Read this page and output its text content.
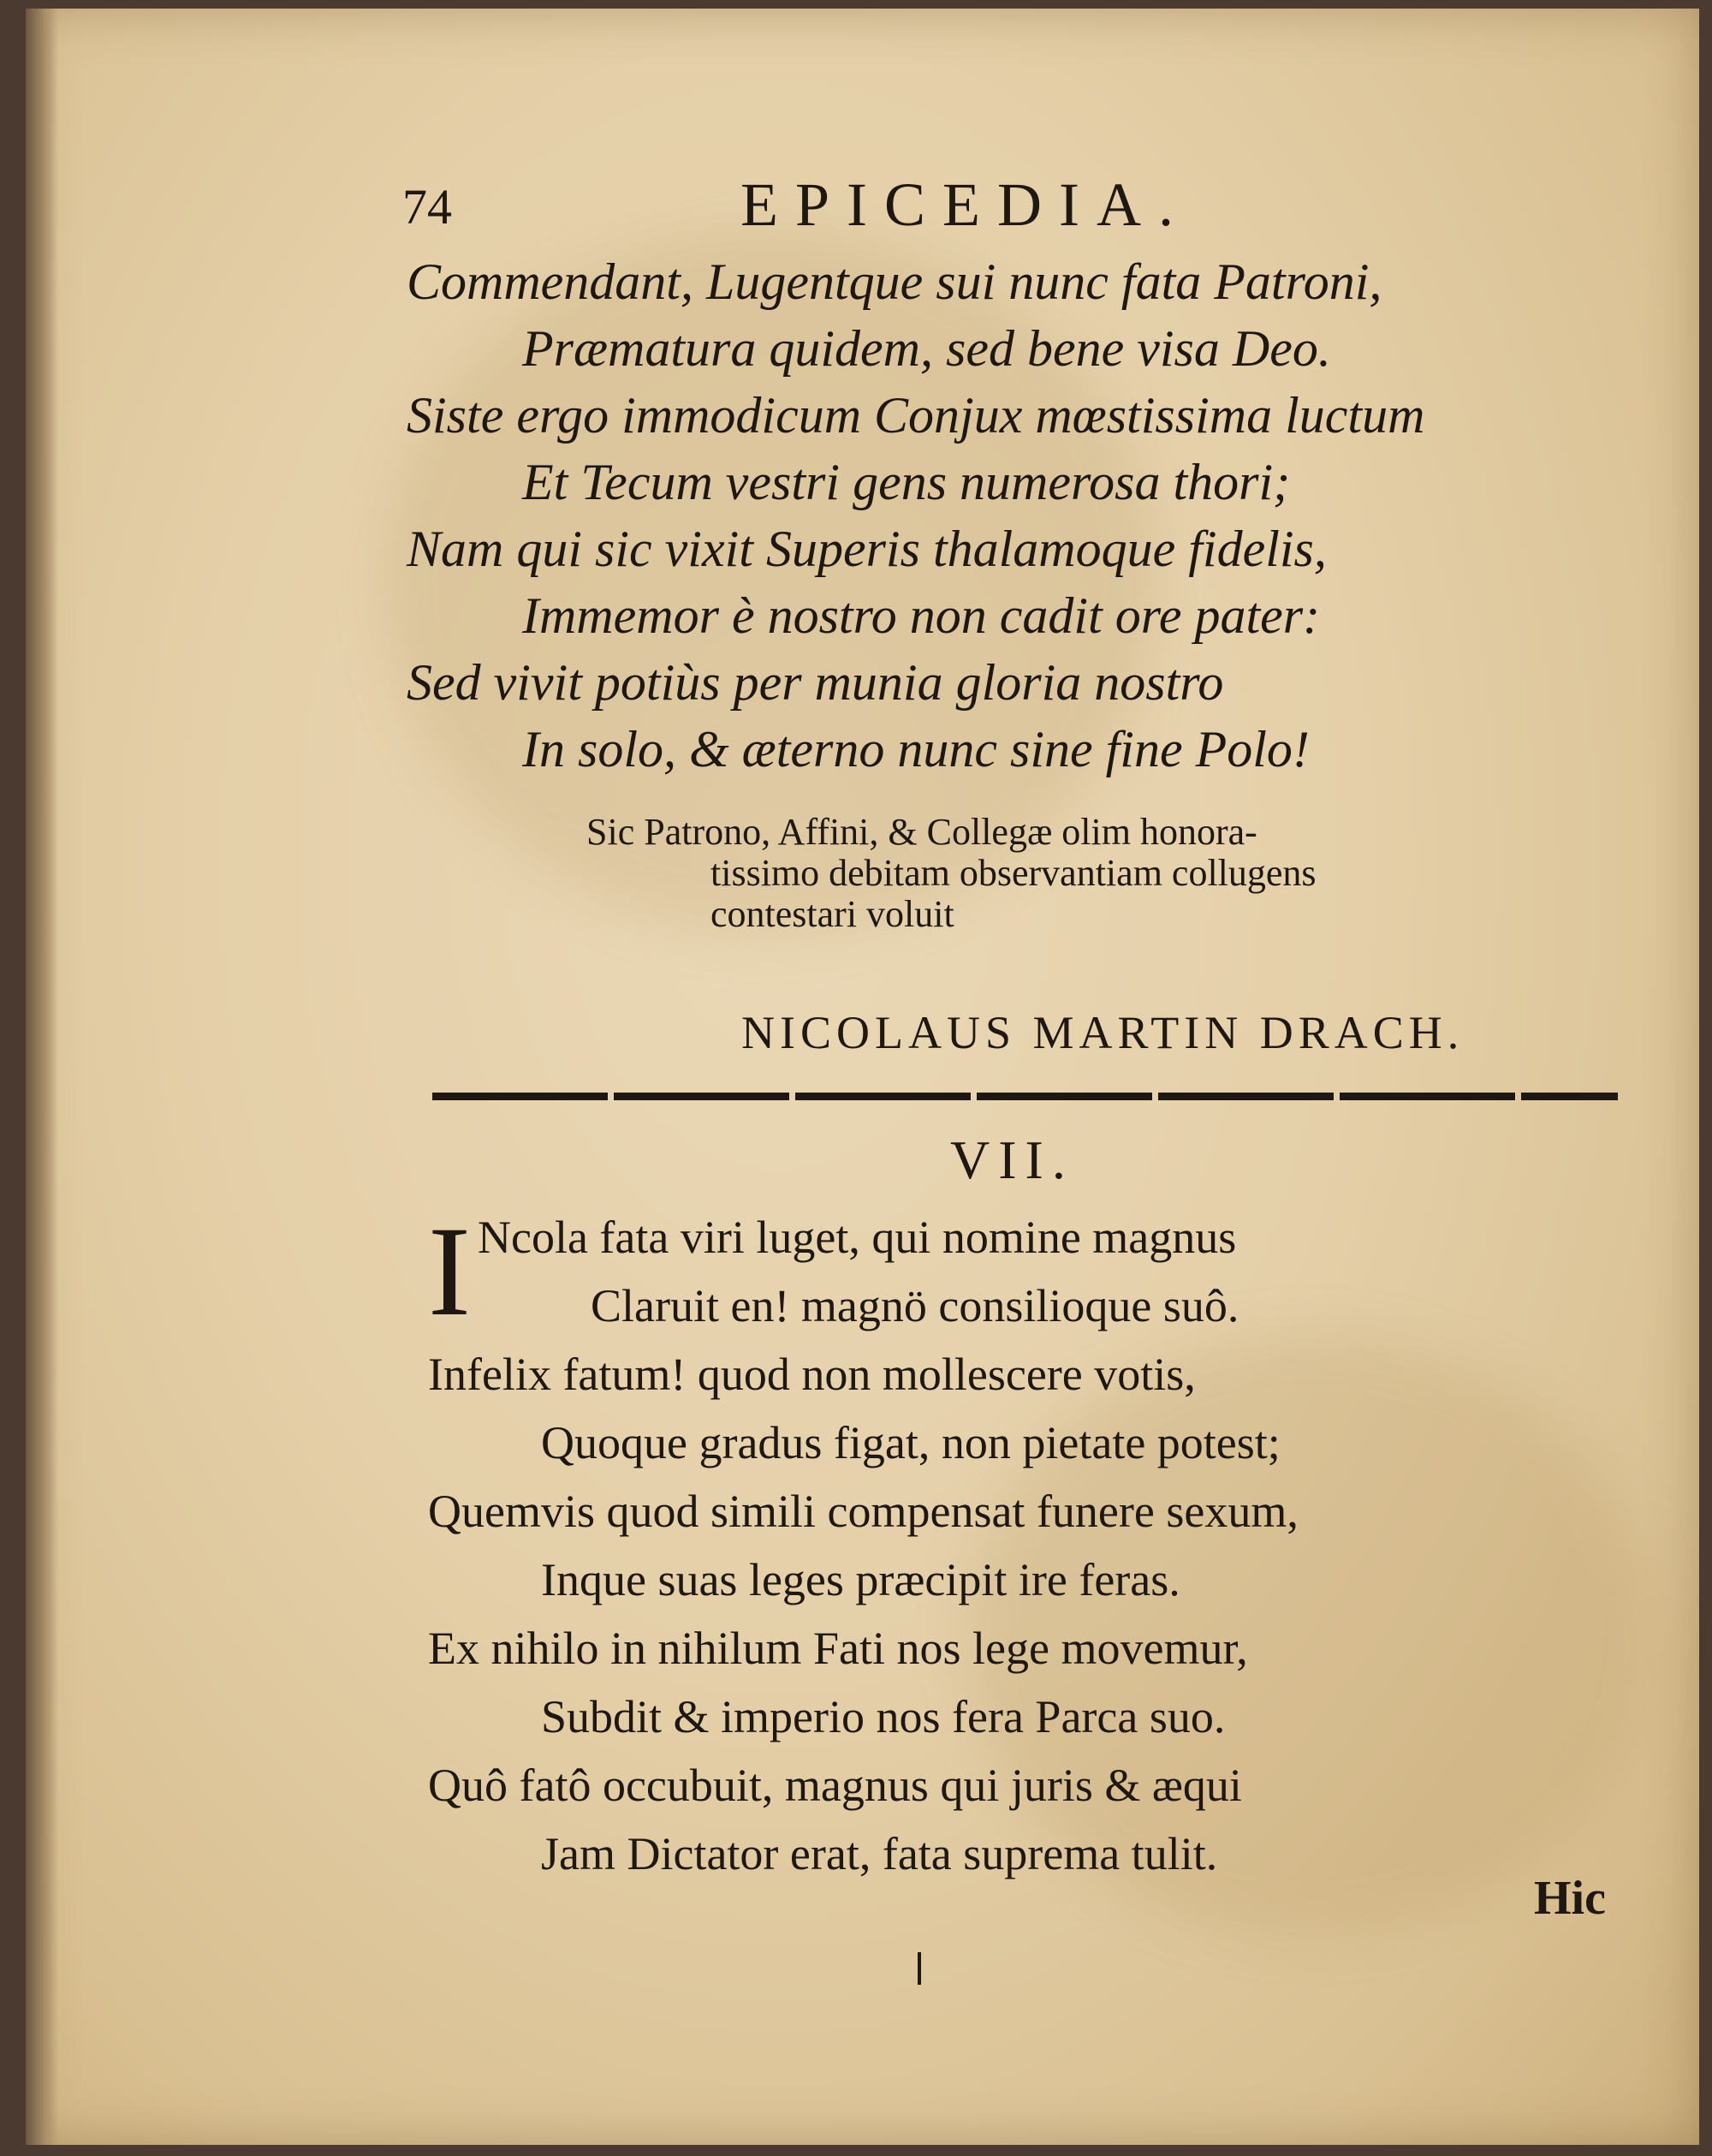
74	EPICEDIA.
Commendant, Lugentque sui nunc fata Patroni,
Præmatura quidem, sed bene visa Deo.
Siste ergo immodicum Conjux mœstissima luctum
Et Tecum vestri gens numerosa thori;
Nam qui sic vixit Superis thalamoque fidelis,
Immemor è nostro non cadit ore pater:
Sed vivit potiùs per munia gloria nostro
In solo, & æterno nunc sine fine Polo!
Sic Patrono, Affini, & Collegæ olim honora-
tissimo debitam observantiam collugens
contestari voluit
NICOLAUS MARTIN DRACH.
VII.
I Ncola fata viri luget, qui nomine magnus
Claruit en! magnö consilioque suô.
Infelix fatum! quod non mollescere votis,
Quoque gradus figat, non pietate potest;
Quemvis quod simili compensat funere sexum,
Inque suas leges præcipit ire feras.
Ex nihilo in nihilum Fati nos lege movemur,
Subdit & imperio nos fera Parca suo.
Quô fatô occubuit, magnus qui juris & æqui
Jam Dictator erat, fata suprema tulit.
Hic
